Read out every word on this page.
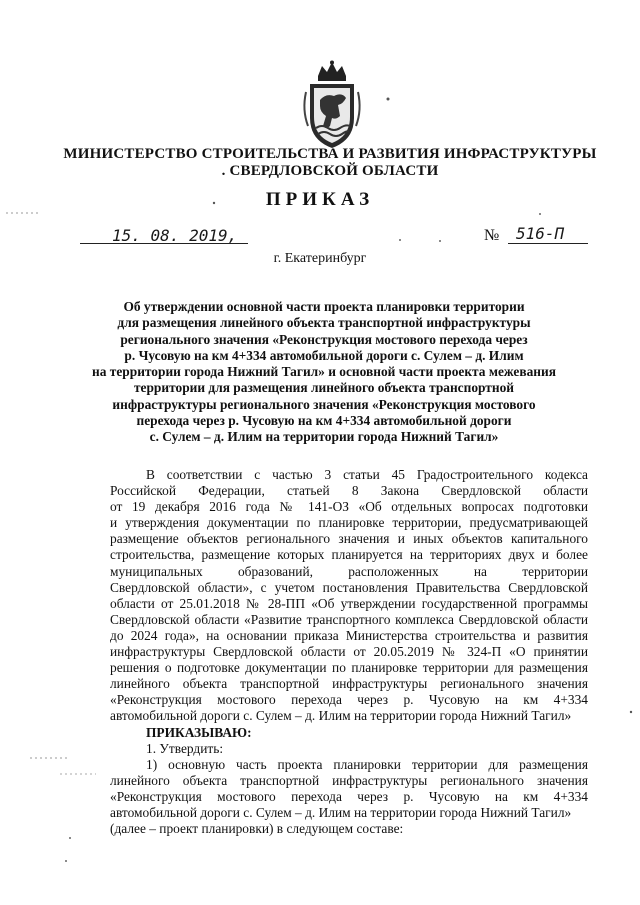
МИНИСТЕРСТВО СТРОИТЕЛЬСТВА И РАЗВИТИЯ ИНФРАСТРУКТУРЫ
. СВЕРДЛОВСКОЙ ОБЛАСТИ
ПРИКАЗ
15. 08. 2019,	№ 516-П
г. Екатеринбург
Об утверждении основной части проекта планировки территории
для размещения линейного объекта транспортной инфраструктуры
регионального значения «Реконструкция мостового перехода через
р. Чусовую на км 4+334 автомобильной дороги с. Сулем – д. Илим
на территории города Нижний Тагил» и основной части проекта межевания
территории для размещения линейного объекта транспортной
инфраструктуры регионального значения «Реконструкция мостового
перехода через р. Чусовую на км 4+334 автомобильной дороги
с. Сулем – д. Илим на территории города Нижний Тагил»
В соответствии с частью 3 статьи 45 Градостроительного кодекса
Российской Федерации, статьей 8 Закона Свердловской области
от 19 декабря 2016 года № 141-ОЗ «Об отдельных вопросах подготовки
и утверждения документации по планировке территории, предусматривающей
размещение объектов регионального значения и иных объектов капитального
строительства, размещение которых планируется на территориях двух и более
муниципальных образований, расположенных на территории
Свердловской области», с учетом постановления Правительства Свердловской
области от 25.01.2018 № 28-ПП «Об утверждении государственной программы
Свердловской области «Развитие транспортного комплекса Свердловской области
до 2024 года», на основании приказа Министерства строительства и развития
инфраструктуры Свердловской области от 20.05.2019 № 324-П «О принятии
решения о подготовке документации по планировке территории для размещения
линейного объекта транспортной инфраструктуры регионального значения
«Реконструкция мостового перехода через р. Чусовую на км 4+334
автомобильной дороги с. Сулем – д. Илим на территории города Нижний Тагил»
ПРИКАЗЫВАЮ:
1. Утвердить:
1) основную часть проекта планировки территории для размещения
линейного объекта транспортной инфраструктуры регионального значения
«Реконструкция мостового перехода через р. Чусовую на км 4+334
автомобильной дороги с. Сулем – д. Илим на территории города Нижний Тагил»
(далее – проект планировки) в следующем составе:
